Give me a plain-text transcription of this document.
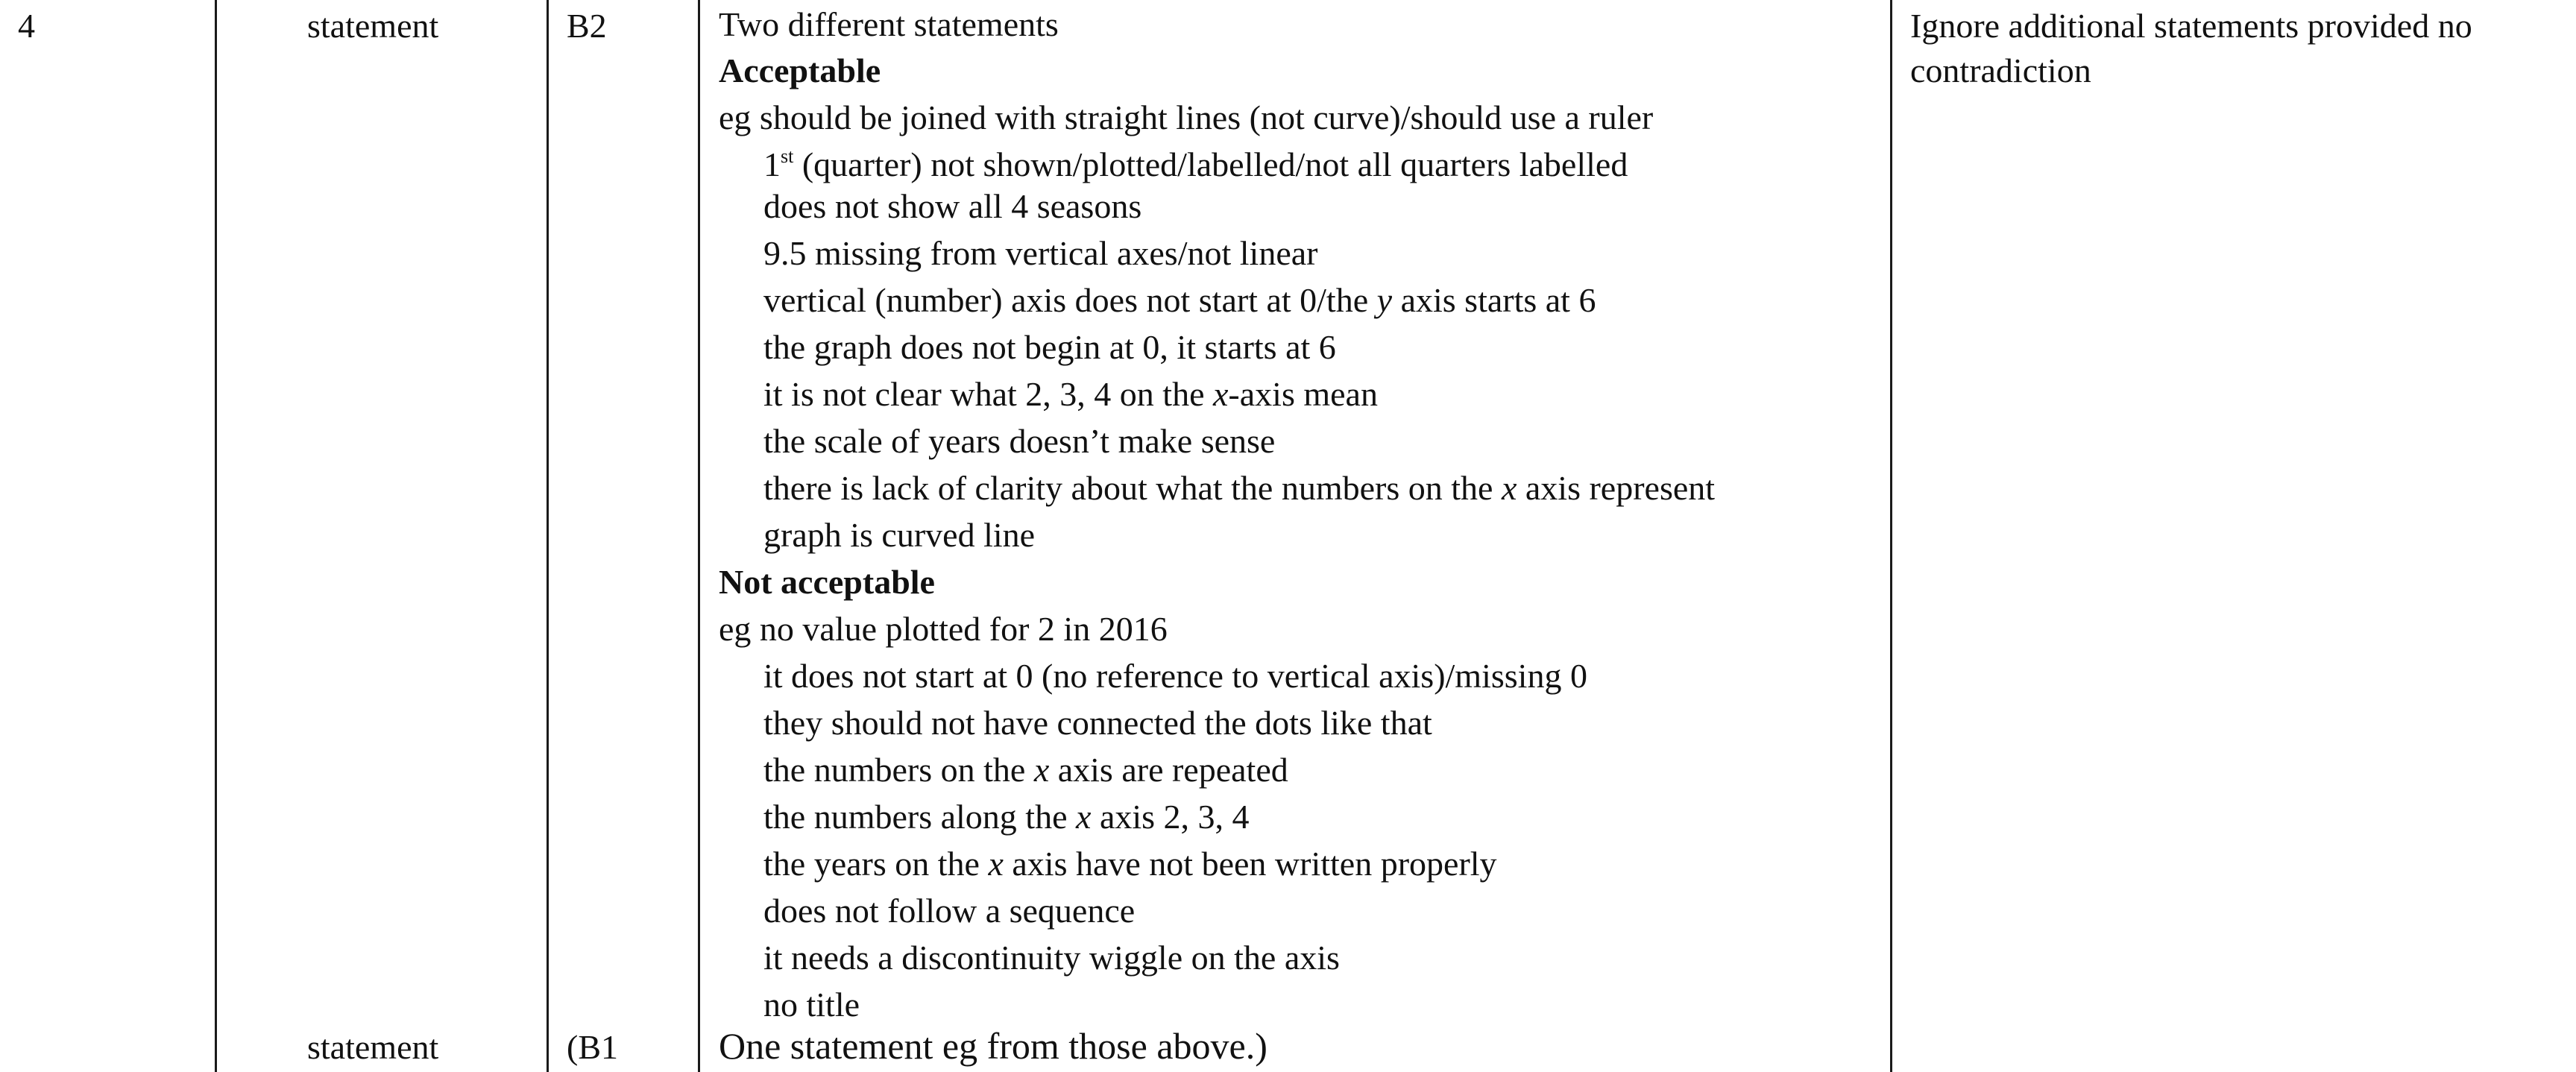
4	statement
statement
B2
(B1
Ignore additional statements provided no
contradiction
Two different statements
Acceptable
eg should be joined with straight lines (not curve)/should use a ruler
1st (quarter) not shown/plotted/labelled/not all quarters labelled
does not show all 4 seasons
9.5 missing from vertical axes/not linear
vertical (number) axis does not start at 0/the y axis starts at 6
the graph does not begin at 0, it starts at 6
it is not clear what 2, 3, 4 on the x-axis mean
the scale of years doesn’t make sense
there is lack of clarity about what the numbers on the x axis represent
graph is curved line
Not acceptable
eg no value plotted for 2 in 2016
it does not start at 0 (no reference to vertical axis)/missing 0
they should not have connected the dots like that
the numbers on the x axis are repeated
the numbers along the x axis 2, 3, 4
the years on the x axis have not been written properly
does not follow a sequence
it needs a discontinuity wiggle on the axis
no title
One statement eg from those above.)
